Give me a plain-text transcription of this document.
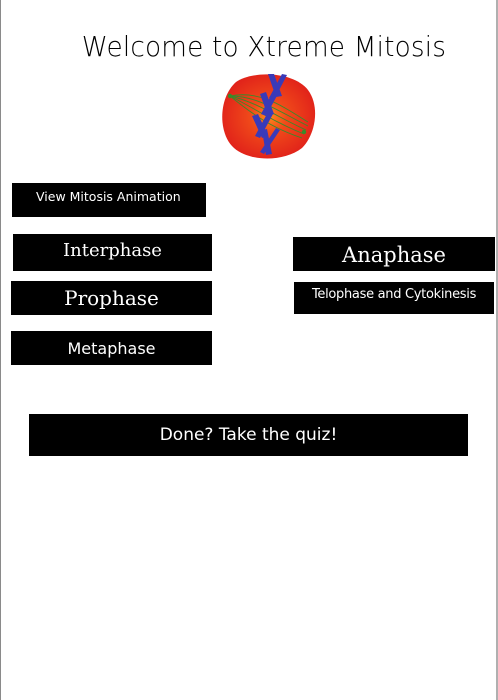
Welcome to Xtreme Mitosis
View Mitosis Animation
Interphase
Prophase
Metaphase
Anaphase
Telophase and Cytokinesis
Done? Take the quiz!
